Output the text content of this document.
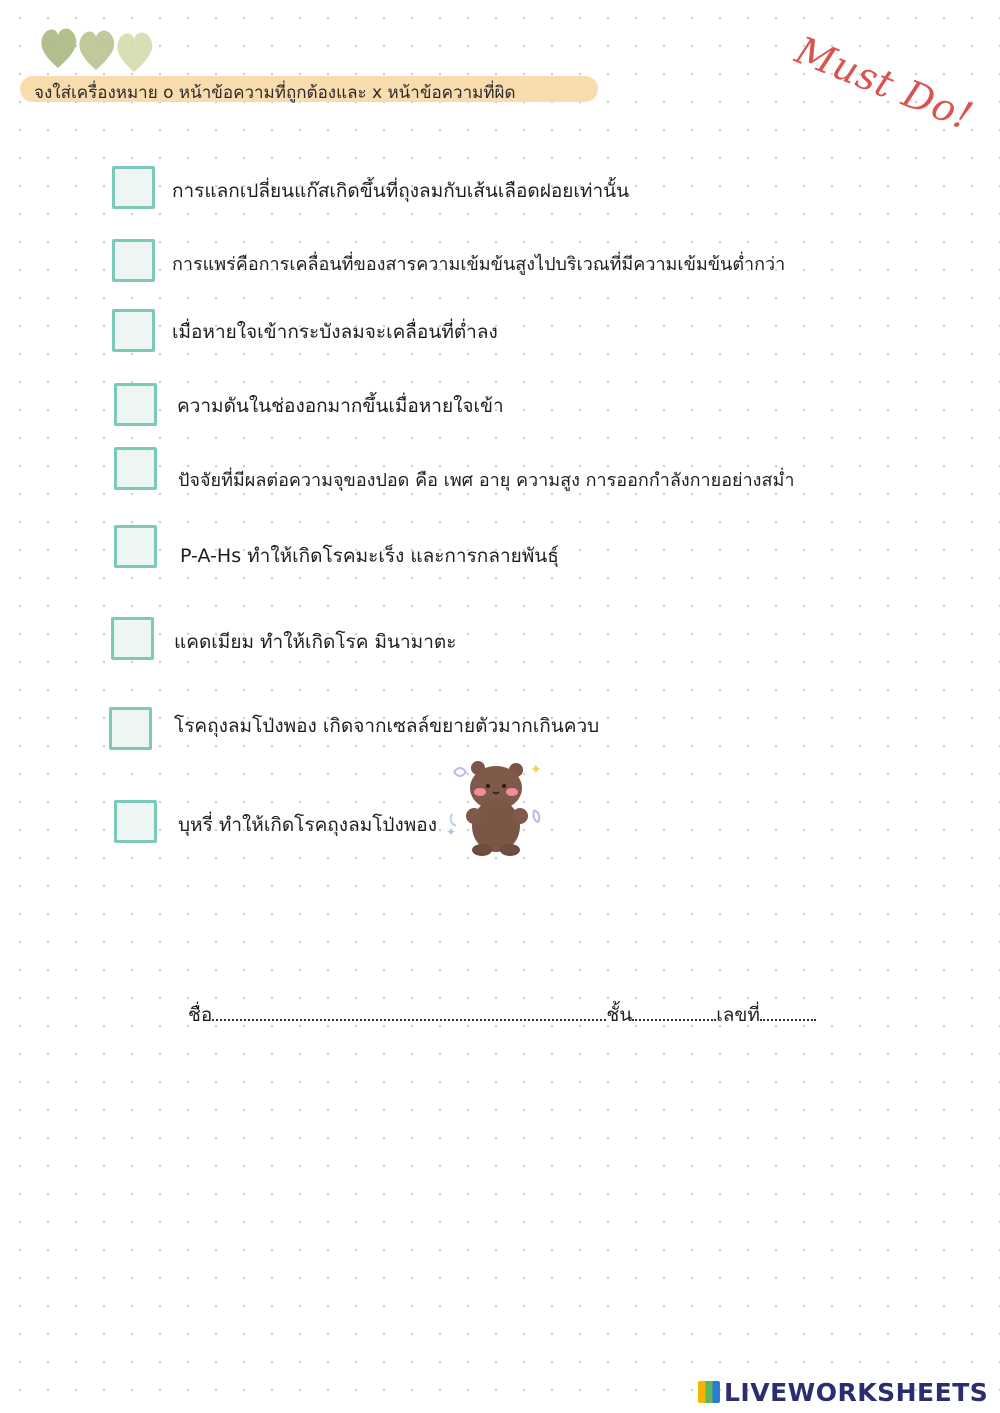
จงใส่เครื่องหมาย o หน้าข้อความที่ถูกต้องและ x หน้าข้อความที่ผิด	Must Do!
การแลกเปลี่ยนแก๊สเกิดขึ้นที่ถุงลมกับเส้นเลือดฝอยเท่านั้น
การแพร่คือการเคลื่อนที่ของสารความเข้มข้นสูงไปบริเวณที่มีความเข้มข้นต่ำกว่า
เมื่อหายใจเข้ากระบังลมจะเคลื่อนที่ต่ำลง
ความดันในช่องอกมากขึ้นเมื่อหายใจเข้า
ปัจจัยที่มีผลต่อความจุของปอด คือ เพศ อายุ ความสูง การออกกำลังกายอย่างสม่ำ
P-A-Hs ทำให้เกิดโรคมะเร็ง และการกลายพันธุ์
แคดเมียม ทำให้เกิดโรค มินามาตะ
โรคถุงลมโป่งพอง เกิดจากเซลล์ขยายตัวมากเกินควบ
บุหรี่ ทำให้เกิดโรคถุงลมโป่งพอง
✦
✦
ชื่อ	ชั้น	เลขที่
LIVEWORKSHEETS
